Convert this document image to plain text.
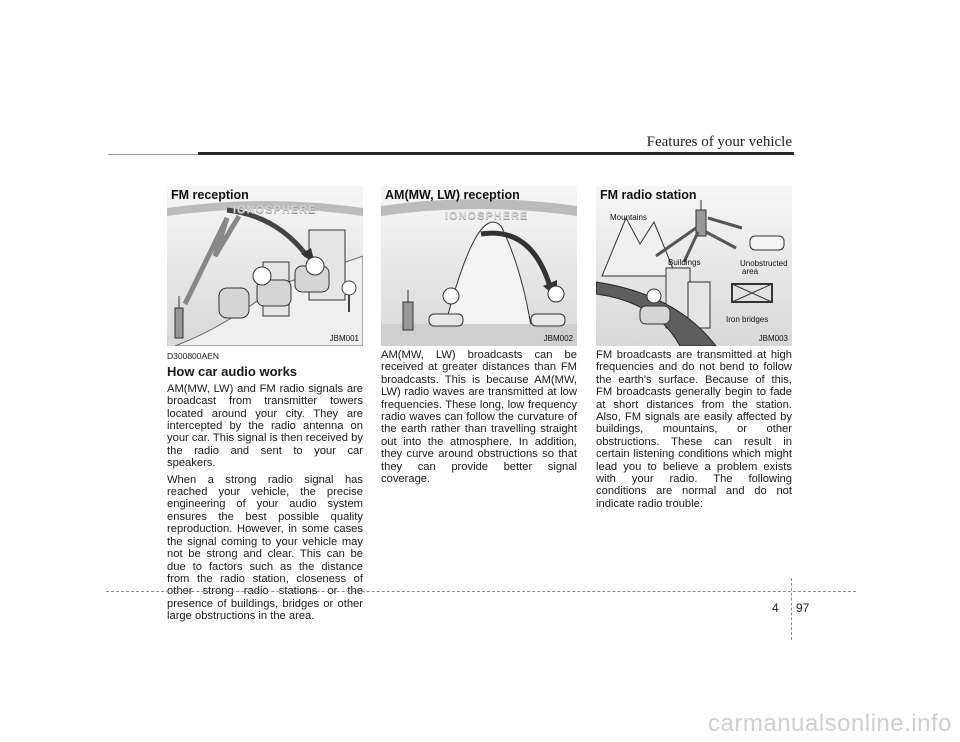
Features of your vehicle
FM reception
IONOSPHERE
JBM001
AM(MW, LW) reception
IONOSPHERE
JBM002
FM radio station
Mountains
Buildings	Unobstructed
area
Iron bridges
JBM003

D300800AEN

How car audio works

AM(MW, LW) and FM radio signals are broadcast from transmitter towers located around your city. They are intercepted by the radio antenna on your car. This signal is then received by the radio and sent to your car speakers.

When a strong radio signal has reached your vehicle, the precise engineering of your audio system ensures the best possible quality reproduction. However, in some cases the signal coming to your vehicle may not be strong and clear. This can be due to factors such as the distance from the radio station, closeness of other strong radio stations or the presence of buildings, bridges or other large obstructions in the area.

AM(MW, LW) broadcasts can be received at greater distances than FM broadcasts. This is because AM(MW, LW) radio waves are transmitted at low frequencies. These long, low frequency radio waves can follow the curvature of the earth rather than travelling straight out into the atmosphere. In addition, they curve around obstructions so that they can provide better signal coverage.

FM broadcasts are transmitted at high frequencies and do not bend to follow the earth's surface. Because of this, FM broadcasts generally begin to fade at short distances from the station. Also, FM signals are easily affected by buildings, mountains, or other obstructions. These can result in certain listening conditions which might lead you to believe a problem exists with your radio. The following conditions are normal and do not indicate radio trouble:

4 97
carmanualsonline.info
